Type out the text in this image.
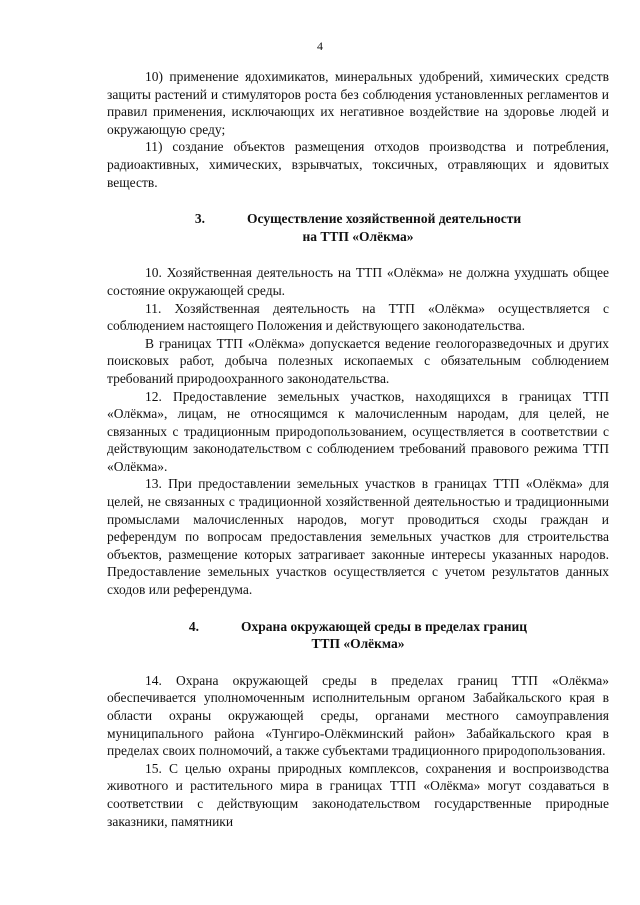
4

10) применение ядохимикатов, минеральных удобрений, химических средств защиты растений и стимуляторов роста без соблюдения установленных регламентов и правил применения, исключающих их негативное воздействие на здоровье людей и окружающую среду;

11) создание объектов размещения отходов производства и потребления, радиоактивных, химических, взрывчатых, токсичных, отравляющих и ядовитых веществ.

3.	Осуществление хозяйственной деятельности
на ТТП «Олёкма»

10. Хозяйственная деятельность на ТТП «Олёкма» не должна ухудшать общее состояние окружающей среды.

11. Хозяйственная деятельность на ТТП «Олёкма» осуществляется с соблюдением настоящего Положения и действующего законодательства.

В границах ТТП «Олёкма» допускается ведение геологоразведочных и других поисковых работ, добыча полезных ископаемых с обязательным соблюдением требований природоохранного законодательства.

12. Предоставление земельных участков, находящихся в границах ТТП «Олёкма», лицам, не относящимся к малочисленным народам, для целей, не связанных с традиционным природопользованием, осуществляется в соответствии с действующим законодательством с соблюдением требований правового режима ТТП «Олёкма».

13. При предоставлении земельных участков в границах ТТП «Олёкма» для целей, не связанных с традиционной хозяйственной деятельностью и традиционными промыслами малочисленных народов, могут проводиться сходы граждан и референдум по вопросам предоставления земельных участков для строительства объектов, размещение которых затрагивает законные интересы указанных народов. Предоставление земельных участков осуществляется с учетом результатов данных сходов или референдума.

4.	Охрана окружающей среды в пределах границ
ТТП «Олёкма»

14. Охрана окружающей среды в пределах границ ТТП «Олёкма» обеспечивается уполномоченным исполнительным органом Забайкальского края в области охраны окружающей среды, органами местного самоуправления муниципального района «Тунгиро-Олёкминский район» Забайкальского края в пределах своих полномочий, а также субъектами традиционного природопользования.

15. С целью охраны природных комплексов, сохранения и воспроизводства животного и растительного мира в границах ТТП «Олёкма» могут создаваться в соответствии с действующим законодательством государственные природные заказники, памятники
